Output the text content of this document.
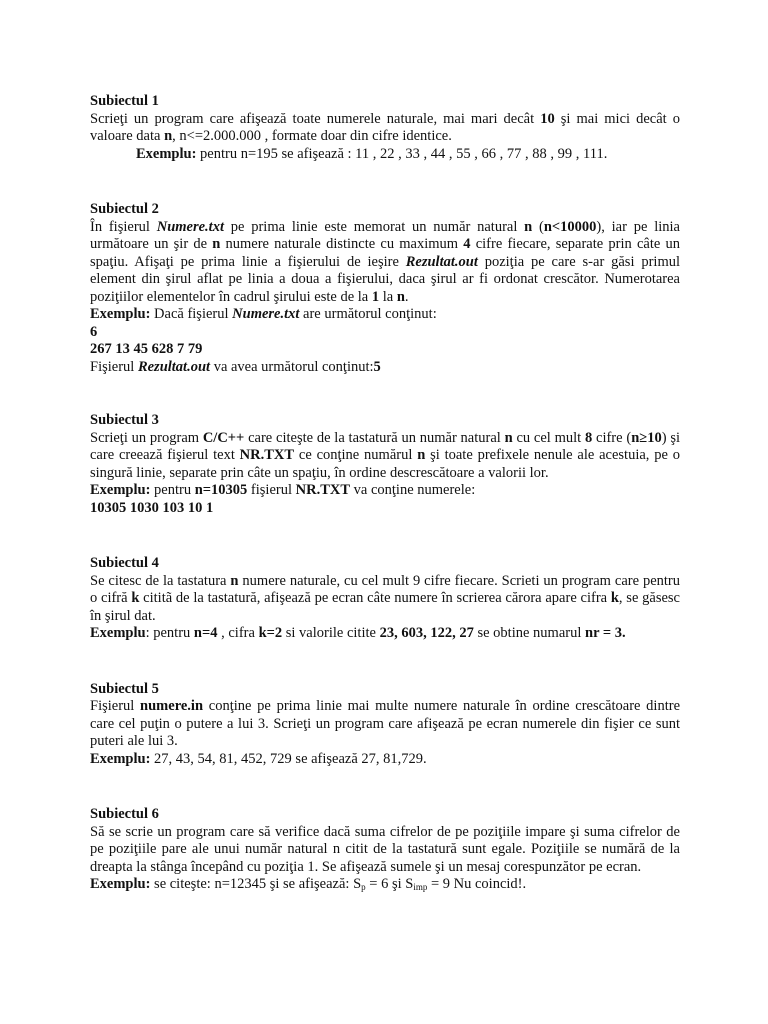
Subiectul 1

Scrieţi un program care afişează toate numerele naturale, mai mari decât 10 şi mai mici decât o valoare data n, n<=2.000.000 , formate doar din cifre identice.

Exemplu: pentru n=195 se afişează : 11 , 22 , 33 , 44 , 55 , 66 , 77 , 88 , 99 , 111.

Subiectul 2

În fişierul Numere.txt pe prima linie este memorat un număr natural n (n<10000), iar pe linia următoare un şir de n numere naturale distincte cu maximum 4 cifre fiecare, separate prin câte un spaţiu. Afişaţi pe prima linie a fişierului de ieşire Rezultat.out poziţia pe care s-ar găsi primul element din şirul aflat pe linia a doua a fişierului, daca şirul ar fi ordonat crescător. Numerotarea poziţiilor elementelor în cadrul şirului este de la 1 la n.

Exemplu: Dacă fişierul Numere.txt are următorul conţinut:

6

267 13 45 628 7 79

Fişierul Rezultat.out va avea următorul conţinut:5

Subiectul 3

Scrieţi un program C/C++ care citeşte de la tastatură un număr natural n cu cel mult 8 cifre (n≥10) şi care creează fişierul text NR.TXT ce conţine numărul n şi toate prefixele nenule ale acestuia, pe o singură linie, separate prin câte un spaţiu, în ordine descrescătoare a valorii lor.

Exemplu: pentru n=10305 fişierul NR.TXT va conţine numerele:

10305 1030 103 10 1

Subiectul 4

Se citesc de la tastatura n numere naturale, cu cel mult 9 cifre fiecare. Scrieti un program care pentru o cifră k cititã de la tastatură, afişează pe ecran câte numere în scrierea cărora apare cifra k, se găsesc în şirul dat.

Exemplu: pentru n=4 , cifra k=2 si valorile citite 23, 603, 122, 27 se obtine numarul nr = 3.

Subiectul 5

Fişierul numere.in conţine pe prima linie mai multe numere naturale în ordine crescătoare dintre care cel puţin o putere a lui 3. Scrieţi un program care afişează pe ecran numerele din fişier ce sunt puteri ale lui 3.

Exemplu: 27, 43, 54, 81, 452, 729 se afişează 27, 81,729.

Subiectul 6

Să se scrie un program care să verifice dacă suma cifrelor de pe poziţiile impare şi suma cifrelor de pe poziţiile pare ale unui număr natural n citit de la tastatură sunt egale. Poziţiile se numără de la dreapta la stânga începând cu poziţia 1. Se afişează sumele şi un mesaj corespunzător pe ecran.

Exemplu: se citeşte: n=12345 şi se afişează: $S_p = 6$ şi $S_{imp} = 9$ Nu coincid!.
